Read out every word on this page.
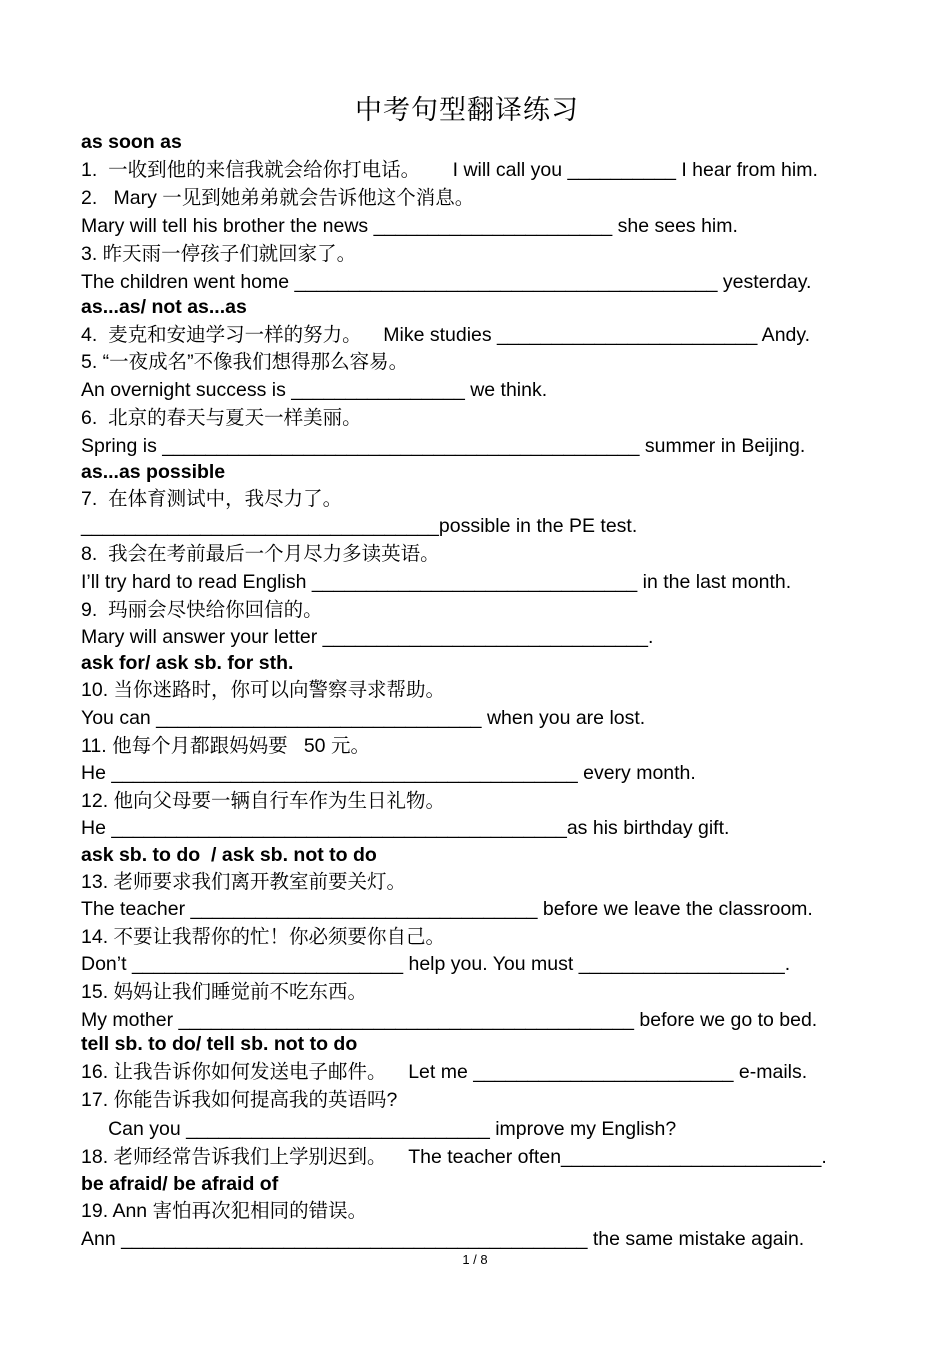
中考句型翻译练习
as soon as
1.  一收到他的来信我就会给你打电话。      I will call you __________ I hear from him.
2.   Mary 一见到她弟弟就会告诉他这个消息。
Mary will tell his brother the news ______________________ she sees him.
3. 昨天雨一停孩子们就回家了。
The children went home _______________________________________ yesterday.
as...as/ not as...as
4.  麦克和安迪学习一样的努力。    Mike studies ________________________ Andy.
5. “一夜成名”不像我们想得那么容易。
An overnight success is ________________ we think.
6.  北京的春天与夏天一样美丽。
Spring is ____________________________________________ summer in Beijing.
as...as possible
7.  在体育测试中，我尽力了。
_________________________________possible in the PE test.
8.  我会在考前最后一个月尽力多读英语。
I’ll try hard to read English ______________________________ in the last month.
9.  玛丽会尽快给你回信的。
Mary will answer your letter ______________________________.
ask for/ ask sb. for sth.
10. 当你迷路时，你可以向警察寻求帮助。
You can ______________________________ when you are lost.
11. 他每个月都跟妈妈要   50 元。
He ___________________________________________ every month.
12. 他向父母要一辆自行车作为生日礼物。
He __________________________________________as his birthday gift.
ask sb. to do  / ask sb. not to do
13. 老师要求我们离开教室前要关灯。
The teacher ________________________________ before we leave the classroom.
14. 不要让我帮你的忙！你必须要你自己。
Don’t _________________________ help you. You must ___________________.
15. 妈妈让我们睡觉前不吃东西。
My mother __________________________________________ before we go to bed.
tell sb. to do/ tell sb. not to do
16. 让我告诉你如何发送电子邮件。    Let me ________________________ e-mails.
17. 你能告诉我如何提高我的英语吗?
Can you ____________________________ improve my English?
18. 老师经常告诉我们上学别迟到。    The teacher often________________________.
be afraid/ be afraid of
19. Ann 害怕再次犯相同的错误。
Ann ___________________________________________ the same mistake again.
1 / 8
